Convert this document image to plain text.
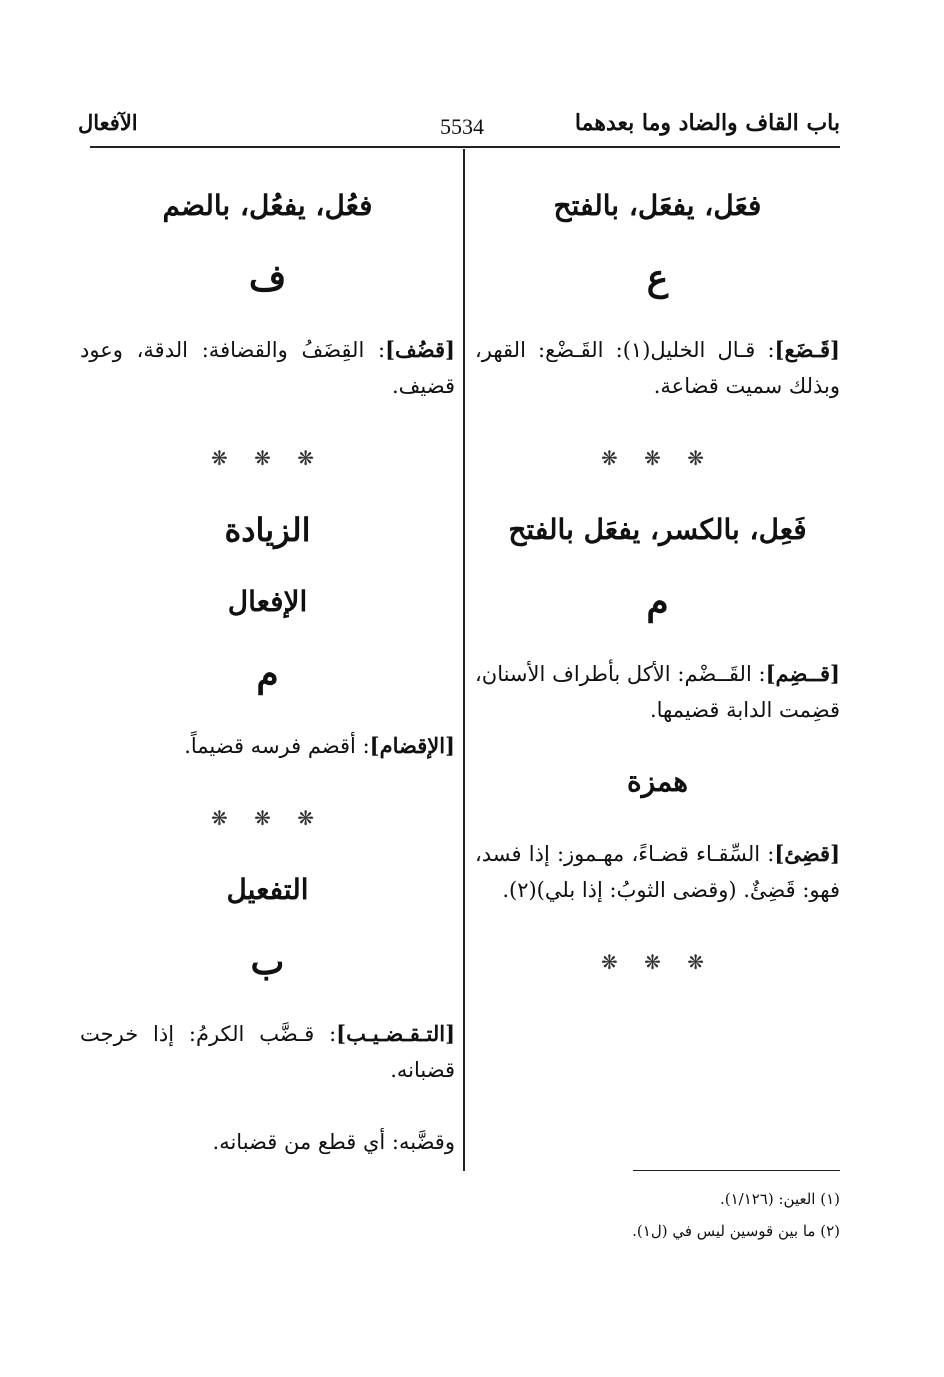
الآفعال	5534	باب القاف والضاد وما بعدهما
فعَل، يفعَل، بالفتح
ع
[قَـضَع]: قـال الخليل(١): القَـضْع: القهر، وبذلك سميت قضاعة.
❋ ❋ ❋
فَعِل، بالكسر، يفعَل بالفتح
م
[قــضِم]: القَــضْم: الأكل بأطراف الأسنان، قضِمت الدابة قضيمها.
همزة
[قضِئ]: السِّقـاء قضـاءً، مهـموز: إذا فسد، فهو: قَضِئٌ. (وقضى الثوبُ: إذا بلي)(٢).
❋ ❋ ❋
فعُل، يفعُل، بالضم
ف
[قضُف]: القِضَفُ والقضافة: الدقة، وعود قضيف.
❋ ❋ ❋
الزيادة
الإفعال
م
[الإقضام]: أقضم فرسه قضيماً.
❋ ❋ ❋
التفعيل
ب
[التـقـضـيـب]: قـضَّب الكرمُ: إذا خرجت قضبانه.
وقضَّبه: أي قطع من قضبانه.
(١) العين: (١/١٢٦).
(٢) ما بين قوسين ليس في (ل١).
